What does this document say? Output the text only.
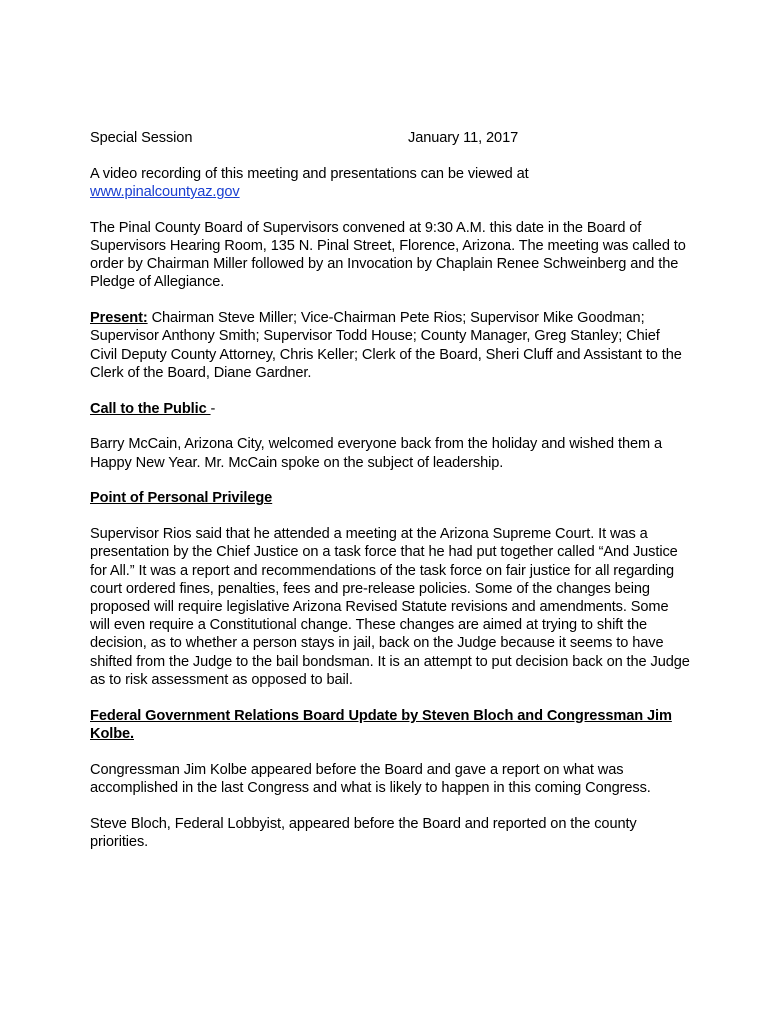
Special Session	January 11, 2017

A video recording of this meeting and presentations can be viewed at
www.pinalcountyaz.gov

The Pinal County Board of Supervisors convened at 9:30 A.M. this date in the Board of Supervisors Hearing Room, 135 N. Pinal Street, Florence, Arizona. The meeting was called to order by Chairman Miller followed by an Invocation by Chaplain Renee Schweinberg and the Pledge of Allegiance.

Present: Chairman Steve Miller; Vice-Chairman Pete Rios; Supervisor Mike Goodman; Supervisor Anthony Smith; Supervisor Todd House; County Manager, Greg Stanley; Chief Civil Deputy County Attorney, Chris Keller; Clerk of the Board, Sheri Cluff and Assistant to the Clerk of the Board, Diane Gardner.

Call to the Public -

Barry McCain, Arizona City, welcomed everyone back from the holiday and wished them a Happy New Year. Mr. McCain spoke on the subject of leadership.

Point of Personal Privilege

Supervisor Rios said that he attended a meeting at the Arizona Supreme Court. It was a presentation by the Chief Justice on a task force that he had put together called “And Justice for All.” It was a report and recommendations of the task force on fair justice for all regarding court ordered fines, penalties, fees and pre-release policies. Some of the changes being proposed will require legislative Arizona Revised Statute revisions and amendments. Some will even require a Constitutional change. These changes are aimed at trying to shift the decision, as to whether a person stays in jail, back on the Judge because it seems to have shifted from the Judge to the bail bondsman. It is an attempt to put decision back on the Judge as to risk assessment as opposed to bail.

Federal Government Relations Board Update by Steven Bloch and Congressman Jim Kolbe.

Congressman Jim Kolbe appeared before the Board and gave a report on what was accomplished in the last Congress and what is likely to happen in this coming Congress.

Steve Bloch, Federal Lobbyist, appeared before the Board and reported on the county priorities.
